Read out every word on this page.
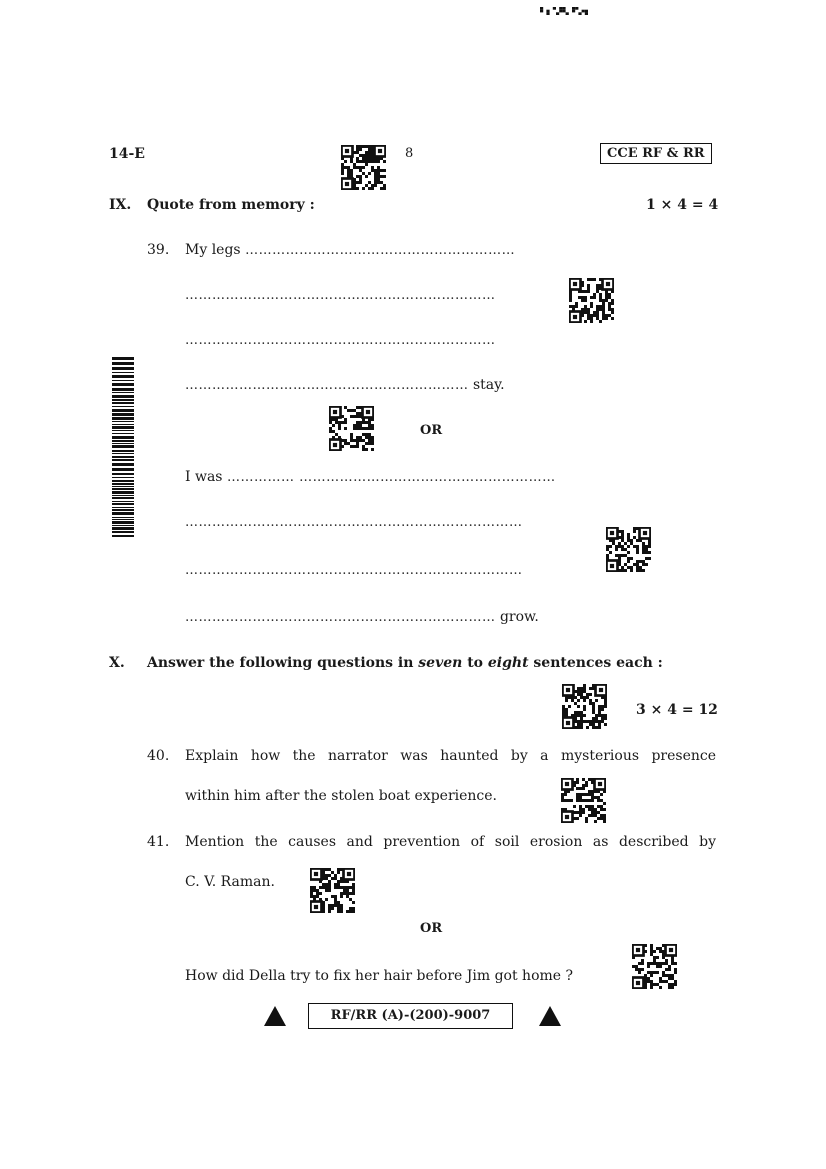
14-E	8	CCE RF & RR
IX. Quote from memory :	1 × 4 = 4
39. My legs ……………………………………………………
……………………………………………………………
……………………………………………………………
……………………………………………………… stay.
OR
I was …………… …………………………………………………
…………………………………………………………………
…………………………………………………………………
…………………………………………………………… grow.
X. Answer the following questions in seven to eight sentences each :
3 × 4 = 12
40. Explain how the narrator was haunted by a mysterious presence
within him after the stolen boat experience.
41. Mention the causes and prevention of soil erosion as described by
C. V. Raman.
OR
How did Della try to fix her hair before Jim got home ?
RF/RR (A)-(200)-9007
